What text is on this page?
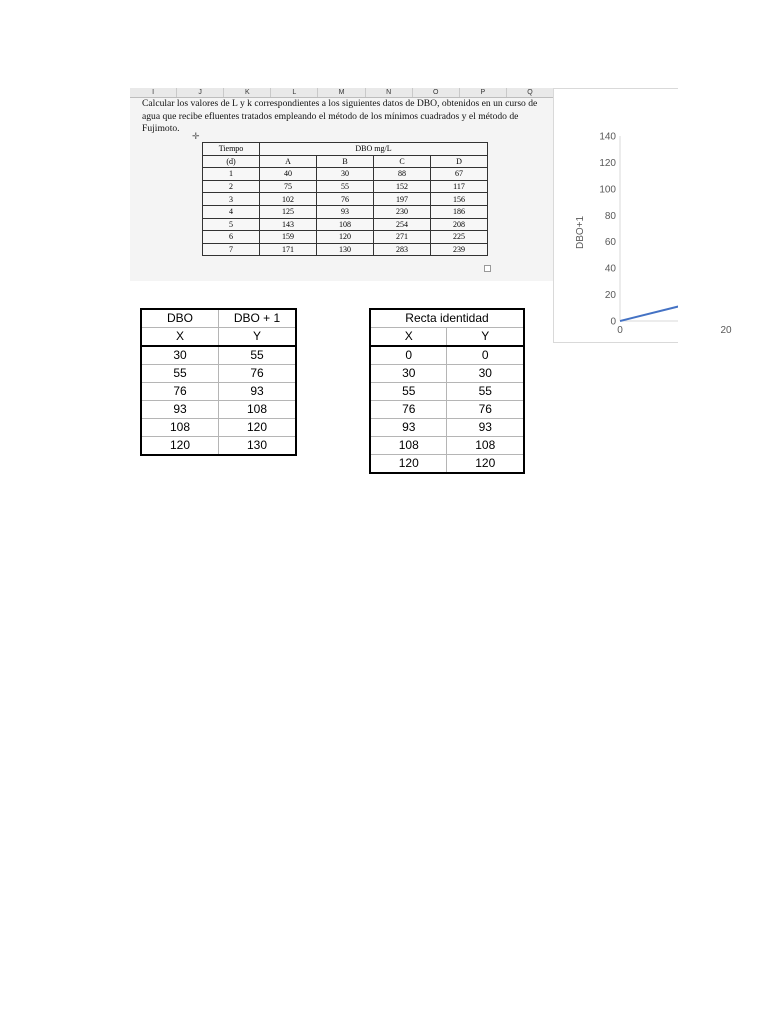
I	J	K	L	M	N	O	P	Q

Calcular los valores de L y k correspondientes a los siguientes datos de DBO, obtenidos en un curso de agua que recibe efluentes tratados empleando el método de los mínimos cuadrados y el método de Fujimoto.

✛
Tiempo	DBO mg/L			
(d)	A	B	C	D
1	40	30	88	67
2	75	55	152	117
3	102	76	197	156
4	125	93	230	186
5	143	108	254	208
6	159	120	271	225
7	171	130	283	239
DBO	DBO + 1
X	Y
30	55
55	76
76	93
93	108
108	120
120	130
Recta identidad	
X	Y
0	0
30	30
55	55
76	76
93	93
108	108
120	120
140
120
100
80
60
40
20
0
0	20
DBO+1
